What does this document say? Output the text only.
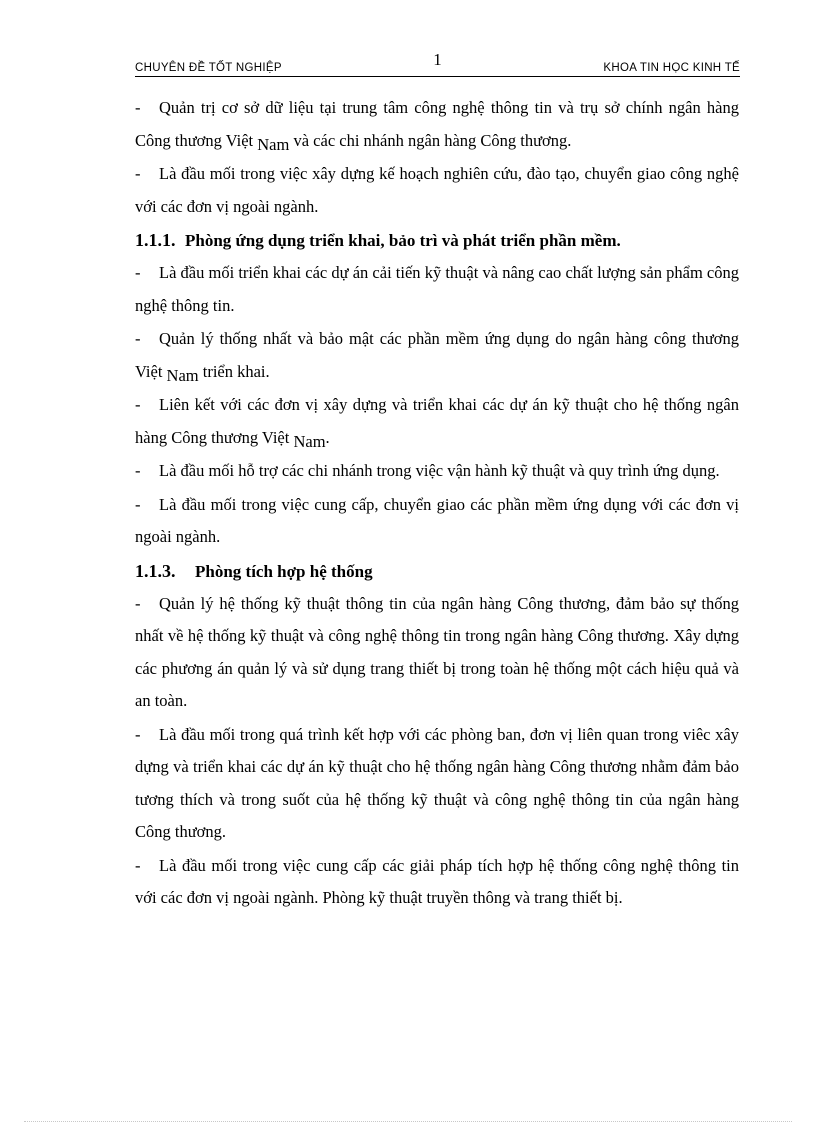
CHUYÊN ĐỀ TỐT NGHIỆP	1	KHOA TIN HỌC KINH TẾ

- Quản trị cơ sở dữ liệu tại trung tâm công nghệ thông tin và trụ sở chính ngân hàng Công thương Việt Nam và các chi nhánh ngân hàng Công thương.

- Là đầu mối trong việc xây dựng kế hoạch nghiên cứu, đào tạo, chuyển giao công nghệ với các đơn vị ngoài ngành.

1.1.1. Phòng ứng dụng triển khai, bảo trì và phát triển phần mềm.

- Là đầu mối triển khai các dự án cải tiến kỹ thuật và nâng cao chất lượng sản phẩm công nghệ thông tin.

- Quản lý thống nhất và bảo mật các phần mềm ứng dụng do ngân hàng công thương Việt Nam triển khai.

- Liên kết với các đơn vị xây dựng và triển khai các dự án kỹ thuật cho hệ thống ngân hàng Công thương Việt Nam.

- Là đầu mối hỗ trợ các chi nhánh trong việc vận hành kỹ thuật và quy trình ứng dụng.

- Là đầu mối trong việc cung cấp, chuyển giao các phần mềm ứng dụng với các đơn vị ngoài ngành.

1.1.3. Phòng tích hợp hệ thống

- Quản lý hệ thống kỹ thuật thông tin của ngân hàng Công thương, đảm bảo sự thống nhất về hệ thống kỹ thuật và công nghệ thông tin trong ngân hàng Công thương. Xây dựng các phương án quản lý và sử dụng trang thiết bị trong toàn hệ thống một cách hiệu quả và an toàn.

- Là đầu mối trong quá trình kết hợp với các phòng ban, đơn vị liên quan trong viêc xây dựng và triển khai các dự án kỹ thuật cho hệ thống ngân hàng Công thương nhằm đảm bảo tương thích và trong suốt của hệ thống kỹ thuật và công nghệ thông tin của ngân hàng Công thương.

- Là đầu mối trong việc cung cấp các giải pháp tích hợp hệ thống công nghệ thông tin với các đơn vị ngoài ngành. Phòng kỹ thuật truyền thông và trang thiết bị.
